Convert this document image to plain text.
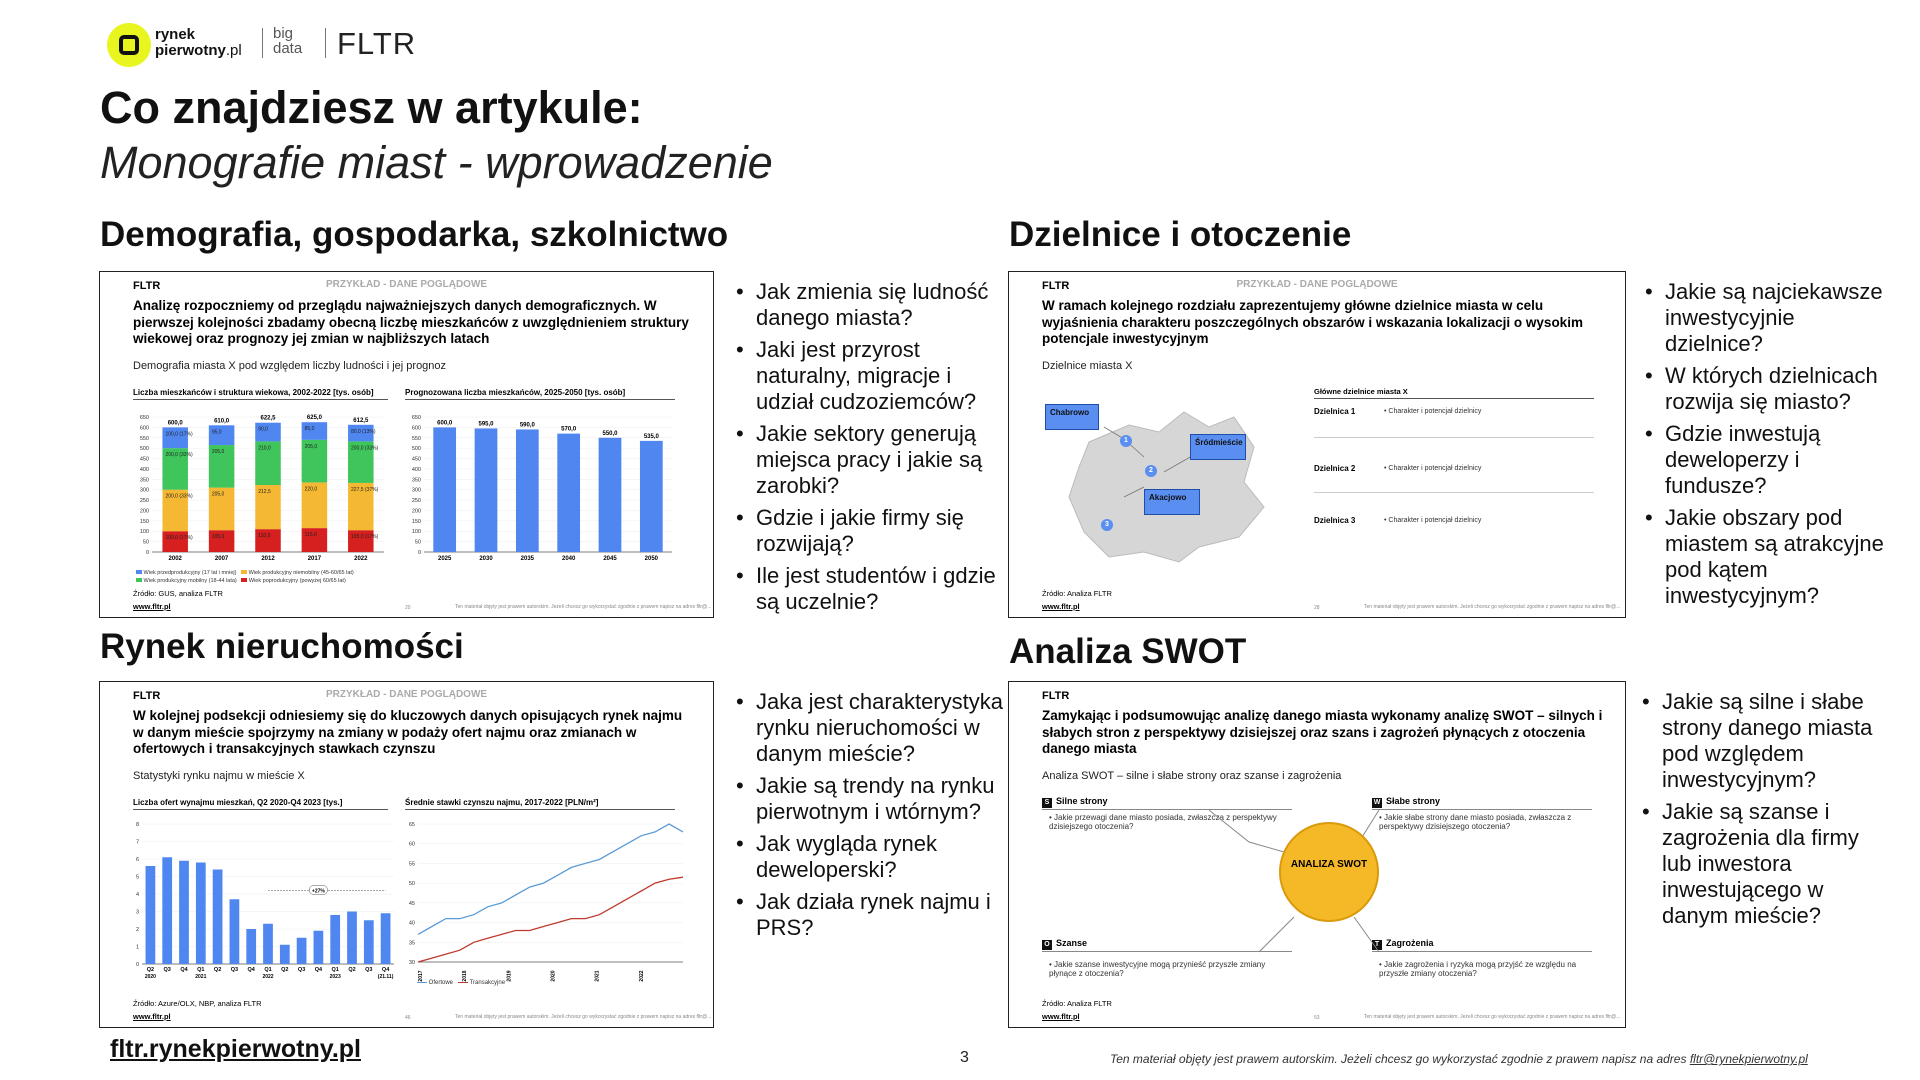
rynek
pierwotny.pl
big
data FLTR
Co znajdziesz w artykule:
Monografie miast - wprowadzenie
Demografia, gospodarka, szkolnictwo	Dzielnice i otoczenie
Rynek nieruchomości	Analiza SWOT
FLTR	PRZYKŁAD - DANE POGLĄDOWE
Analizę rozpoczniemy od przeglądu najważniejszych danych demograficznych. W pierwszej kolejności zbadamy obecną liczbę mieszkańców z uwzględnieniem struktury wiekowej oraz prognozy jej zmian w najbliższych latach
Demografia miasta X pod względem liczby ludności i jej prognoz
Liczba mieszkańców i struktura wiekowa, 2002-2022 [tys. osób]	Prognozowana liczba mieszkańców, 2025-2050 [tys. osób]
0
50
100
150
200
250
300
350
400
450
500
550
600
650
100,0 (17%)
200,0 (33%)
200,0 (33%)
100,0 (17%)
600,0
2002
105,0
205,0
205,0
95,0
610,0
2007
110,0
212,5
210,0
90,0
622,5
2012
115,0
220,0
205,0
85,0
625,0
2017
105,0 (17%)
227,5 (37%)
200,0 (33%)
80,0 (13%)
612,5
2022
0
50
100
150
200
250
300
350
400
450
500
550
600
650
600,0
2025
595,0
2030
590,0
2035
570,0
2040
550,0
2045
535,0
2050
Wiek przedprodukcyjny (17 lat i mniej) Wiek produkcyjny niemobilny (45-60/65 lat)
Wiek produkcyjny mobilny (18-44 lata) Wiek poprodukcyjny (powyżej 60/65 lat)
Źródło: GUS, analiza FLTR
www.fltr.pl	20	Ten materiał objęty jest prawem autorskim. Jeżeli chcesz go wykorzystać zgodnie z prawem napisz na adres fltr@...
FLTR	PRZYKŁAD - DANE POGLĄDOWE
W ramach kolejnego rozdziału zaprezentujemy główne dzielnice miasta w celu wyjaśnienia charakteru poszczególnych obszarów i wskazania lokalizacji o wysokim potencjale inwestycyjnym
Dzielnice miasta X
Chabrowo
Śródmieście
Akacjowo
1
2
3
Główne dzielnice miasta X
Dzielnica 1	• Charakter i potencjał dzielnicy
Dzielnica 2	• Charakter i potencjał dzielnicy
Dzielnica 3	• Charakter i potencjał dzielnicy
Źródło: Analiza FLTR
www.fltr.pl	28	Ten materiał objęty jest prawem autorskim. Jeżeli chcesz go wykorzystać zgodnie z prawem napisz na adres fltr@...
FLTR	PRZYKŁAD - DANE POGLĄDOWE
W kolejnej podsekcji odniesiemy się do kluczowych danych opisujących rynek najmu w danym mieście spojrzymy na zmiany w podaży ofert najmu oraz zmianach w ofertowych i transakcyjnych stawkach czynszu
Statystyki rynku najmu w mieście X
Liczba ofert wynajmu mieszkań, Q2 2020-Q4 2023 [tys.]	Średnie stawki czynszu najmu, 2017-2022 [PLN/m²]
0
1
2
3
4
5
6
7
8
Q2
2020
Q3 Q4 Q1
2021
Q2 Q3 Q4 Q1
2022
Q2 Q3 Q4 Q1
2023
Q2 Q3 Q4
(21.11)
+27%
30
35
40
45
50
55
60
65
2017	2018	2019	2020	2021	2022
Ofertowe	Transakcyjne
Źródło: Azure/OLX, NBP, analiza FLTR
www.fltr.pl	46	Ten materiał objęty jest prawem autorskim. Jeżeli chcesz go wykorzystać zgodnie z prawem napisz na adres fltr@...
FLTR
Zamykając i podsumowując analizę danego miasta wykonamy analizę SWOT – silnych i słabych stron z perspektywy dzisiejszej oraz szans i zagrożeń płynących z otoczenia danego miasta
Analiza SWOT – silne i słabe strony oraz szanse i zagrożenia
S Silne strony
• Jakie przewagi dane miasto posiada, zwłaszcza z perspektywy dzisiejszego otoczenia?
W Słabe strony
• Jakie słabe strony dane miasto posiada, zwłaszcza z perspektywy dzisiejszego otoczenia?
O Szanse
• Jakie szanse inwestycyjne mogą przynieść przyszłe zmiany płynące z otoczenia?
T Zagrożenia
• Jakie zagrożenia i ryzyka mogą przyjść ze względu na przyszłe zmiany otoczenia?
ANALIZA SWOT
Źródło: Analiza FLTR
www.fltr.pl	53	Ten materiał objęty jest prawem autorskim. Jeżeli chcesz go wykorzystać zgodnie z prawem napisz na adres fltr@...
• Jak zmienia się ludność danego miasta?
• Jaki jest przyrost naturalny, migracje i udział cudzoziemców?
• Jakie sektory generują miejsca pracy i jakie są zarobki?
• Gdzie i jakie firmy się rozwijają?
• Ile jest studentów i gdzie są uczelnie?
• Jakie są najciekawsze inwestycyjnie dzielnice?
• W których dzielnicach rozwija się miasto?
• Gdzie inwestują deweloperzy i fundusze?
• Jakie obszary pod miastem są atrakcyjne pod kątem inwestycyjnym?
• Jaka jest charakterystyka rynku nieruchomości w danym mieście?
• Jakie są trendy na rynku pierwotnym i wtórnym?
• Jak wygląda rynek deweloperski?
• Jak działa rynek najmu i PRS?
• Jakie są silne i słabe strony danego miasta pod względem inwestycyjnym?
• Jakie są szanse i zagrożenia dla firmy lub inwestora inwestującego w danym mieście?
fltr.rynekpierwotny.pl	3	Ten materiał objęty jest prawem autorskim. Jeżeli chcesz go wykorzystać zgodnie z prawem napisz na adres fltr@rynekpierwotny.pl
